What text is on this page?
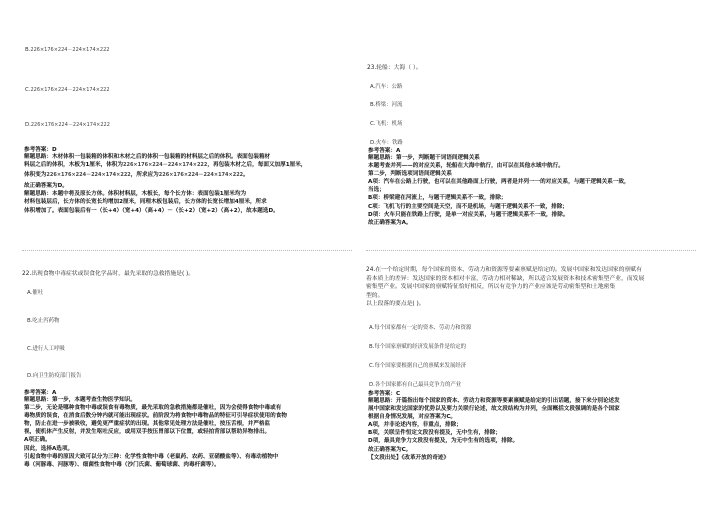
B.226×176×224－224×174×222
C.226×176×224－224×174×222
D.226×176×224－224×174×222
参考答案：D
解题思路：木材体积一包装箱的体积和木材之后的体积一包装箱的材料层之后的体积。表面包装箱材
料层之后的体积，木板为1厘米，体积为226×176×224－224×174×222，再包装木材之后，每面又加厚1厘米，
体积变为226×176×224－224×174×222，所求应为226×176×224－224×174×222。
故正确答案为D。
解题思路：本题中将及原长方体。体积材料层，木板长，每个长方体：表面包装1厘米均为
材料包装层后，长方体的长宽长均增加2厘米，同理木板包装后，长方体的长宽长增加4厘米，所求
体积增加了。表面包装后有一（长+4）（宽+4）（高+4）－（长+2）（宽+2）（高+2），故本题选D。
22.出现食物中毒症状或误食化学品时，最先采取的急救措施是( )。
A.催吐
B.吃止泻药物
C.进行人工呼吸
D.向卫生防疫部门报告
参考答案：A
解题思路：第一步，本题考查生物医学知识。
第二步，无论是哪种食物中毒或误食有毒物质，最先采取的急救措施都是催吐，因为会使得食物中毒或有
毒物质的误食，在消食后数分钟内就可能出现症状。前阶段为将食物中毒物品的特征可引导症状使用的食物
物，防止在进一步被吸收，避免更严重症状的出现。其他常见处理方法是催吐，按压舌根，并严格监
视，使机体产生反射，并发生呕吐反应，或用双手按压胃部以下位置，或轻拍背部以帮助异物排出。
A项正确。
因此，选择A选项。
引起食物中毒的原因大致可以分为三种：化学性食物中毒（老鼠药、农药、亚硝酸盐等）、有毒动植物中
毒（河豚毒、河豚等）、细菌性食物中毒（沙门氏菌、葡萄球菌、肉毒杆菌等）。
23.轮船：大海（ ）。
A.汽车：公路
B.桥梁：河流
C.飞机：机场
D.火车：铁路
参考答案：A
解题思路：第一步，判断题干词语间逻辑关系
本题考查并列——的对应关系，轮船在大海中航行，由可以在其他水域中航行。
第二步，判断选项词语间逻辑关系
A项：汽车在公路上行驶，也可以在其他路面上行驶，两者是并列一一的对应关系，与题干逻辑关系一致，
当选；
B项：桥梁建在河流上，与题干逻辑关系不一致，排除；
C项：飞机飞行的主要空间是天空，而不是机场，与题干逻辑关系不一致，排除；
D项：火车只能在铁路上行驶，是单一对应关系，与题干逻辑关系不一致，排除。
故正确答案为A。
24.在一个给定时期，每个国家的资本、劳动力和资源等要素禀赋是给定的。发展中国家和发达国家的禀赋有
着本质上的差异：发达国家的资本相对丰富，劳动力相对稀缺，所以适合发展资本和技术密集型产业，而发展
密集型产业。发展中国家的禀赋特征恰好相反，所以有竞争力的产业应该是劳动密集型和土地密集
型的。
以上段落的要点是( )。
A.每个国家都有一定的资本、劳动力和资源
B.每个国家禀赋的经济发展条件是给定的
C.每个国家要根据自己的禀赋来发展经济
D.各个国家都有自己最具竞争力的产业
参考答案：C
解题思路：开篇指出每个国家的资本、劳动力和资源等要素禀赋是给定的引出话题，接下来分别论述发
展中国家和发达国家的优势以及要力关联行论述，故文段结构为并列，全面概括文段强调的是各个国家
根据自身情况发展，对应答案为C。
A项，并非论述内容，非重点，排除；
B项，关联呈件恒定文段没有提及，无中生有，排除；
D项，最具竞争力文段没有提及，为无中生有的选项，排除。
故正确答案为C。
【文段出处】《改革开放的奇迹》
